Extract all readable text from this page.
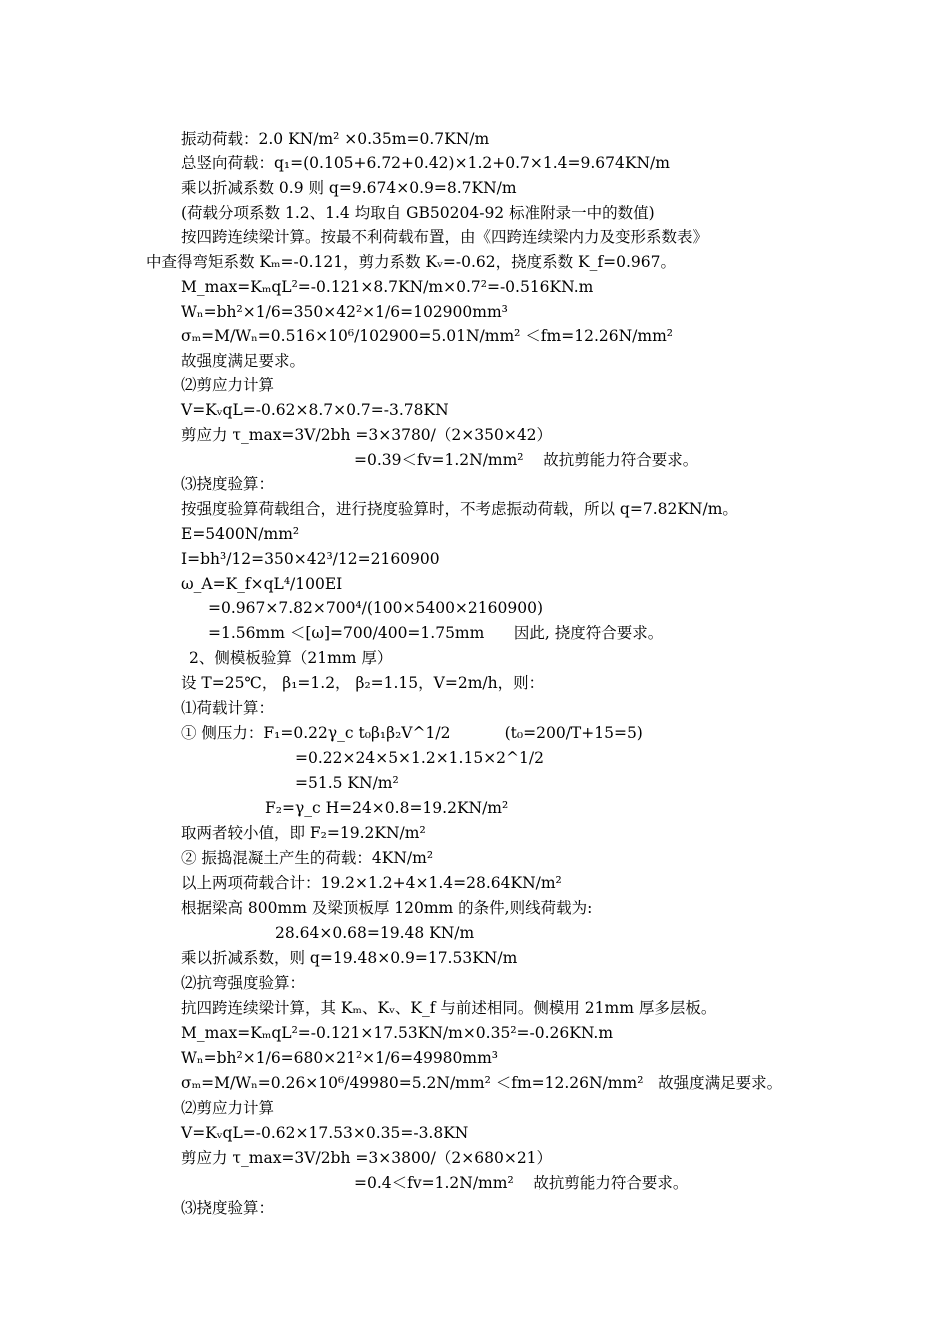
振动荷载：2.0 KN/m² ×0.35m=0.7KN/m
总竖向荷载：q₁=(0.105+6.72+0.42)×1.2+0.7×1.4=9.674KN/m
乘以折减系数 0.9 则 q=9.674×0.9=8.7KN/m
(荷载分项系数 1.2、1.4 均取自 GB50204-92 标准附录一中的数值)
按四跨连续梁计算。按最不利荷载布置，由《四跨连续梁内力及变形系数表》
中查得弯矩系数 Kₘ=-0.121，剪力系数 Kᵥ=-0.62，挠度系数 K_f=0.967。
M_max=KₘqL²=-0.121×8.7KN/m×0.7²=-0.516KN.m
Wₙ=bh²×1/6=350×42²×1/6=102900mm³
σₘ=M/Wₙ=0.516×10⁶/102900=5.01N/mm² ＜fm=12.26N/mm²
故强度满足要求。
⑵剪应力计算
V=KᵥqL=-0.62×8.7×0.7=-3.78KN
剪应力 τ_max=3V/2bh =3×3780/（2×350×42）
=0.39＜fv=1.2N/mm²    故抗剪能力符合要求。
⑶挠度验算：
按强度验算荷载组合，进行挠度验算时，不考虑振动荷载，所以 q=7.82KN/m。
E=5400N/mm²
I=bh³/12=350×42³/12=2160900
ω_A=K_f×qL⁴/100EI
=0.967×7.82×700⁴/(100×5400×2160900)
=1.56mm ＜[ω]=700/400=1.75mm      因此, 挠度符合要求。
2、侧模板验算（21mm 厚）
设 T=25℃， β₁=1.2， β₂=1.15，V=2m/h，则：
⑴荷载计算：
① 侧压力：F₁=0.22γ_c t₀β₁β₂V^1/2           (t₀=200/T+15=5)
=0.22×24×5×1.2×1.15×2^1/2
=51.5 KN/m²
F₂=γ_c H=24×0.8=19.2KN/m²
取两者较小值，即 F₂=19.2KN/m²
② 振捣混凝土产生的荷载：4KN/m²
以上两项荷载合计：19.2×1.2+4×1.4=28.64KN/m²
根据梁高 800mm 及梁顶板厚 120mm 的条件,则线荷载为:
28.64×0.68=19.48 KN/m
乘以折减系数，则 q=19.48×0.9=17.53KN/m
⑵抗弯强度验算：
抗四跨连续梁计算，其 Kₘ、Kᵥ、K_f 与前述相同。侧模用 21mm 厚多层板。
M_max=KₘqL²=-0.121×17.53KN/m×0.35²=-0.26KN.m
Wₙ=bh²×1/6=680×21²×1/6=49980mm³
σₘ=M/Wₙ=0.26×10⁶/49980=5.2N/mm² ＜fm=12.26N/mm²   故强度满足要求。
⑵剪应力计算
V=KᵥqL=-0.62×17.53×0.35=-3.8KN
剪应力 τ_max=3V/2bh =3×3800/（2×680×21）
=0.4＜fv=1.2N/mm²    故抗剪能力符合要求。
⑶挠度验算：
